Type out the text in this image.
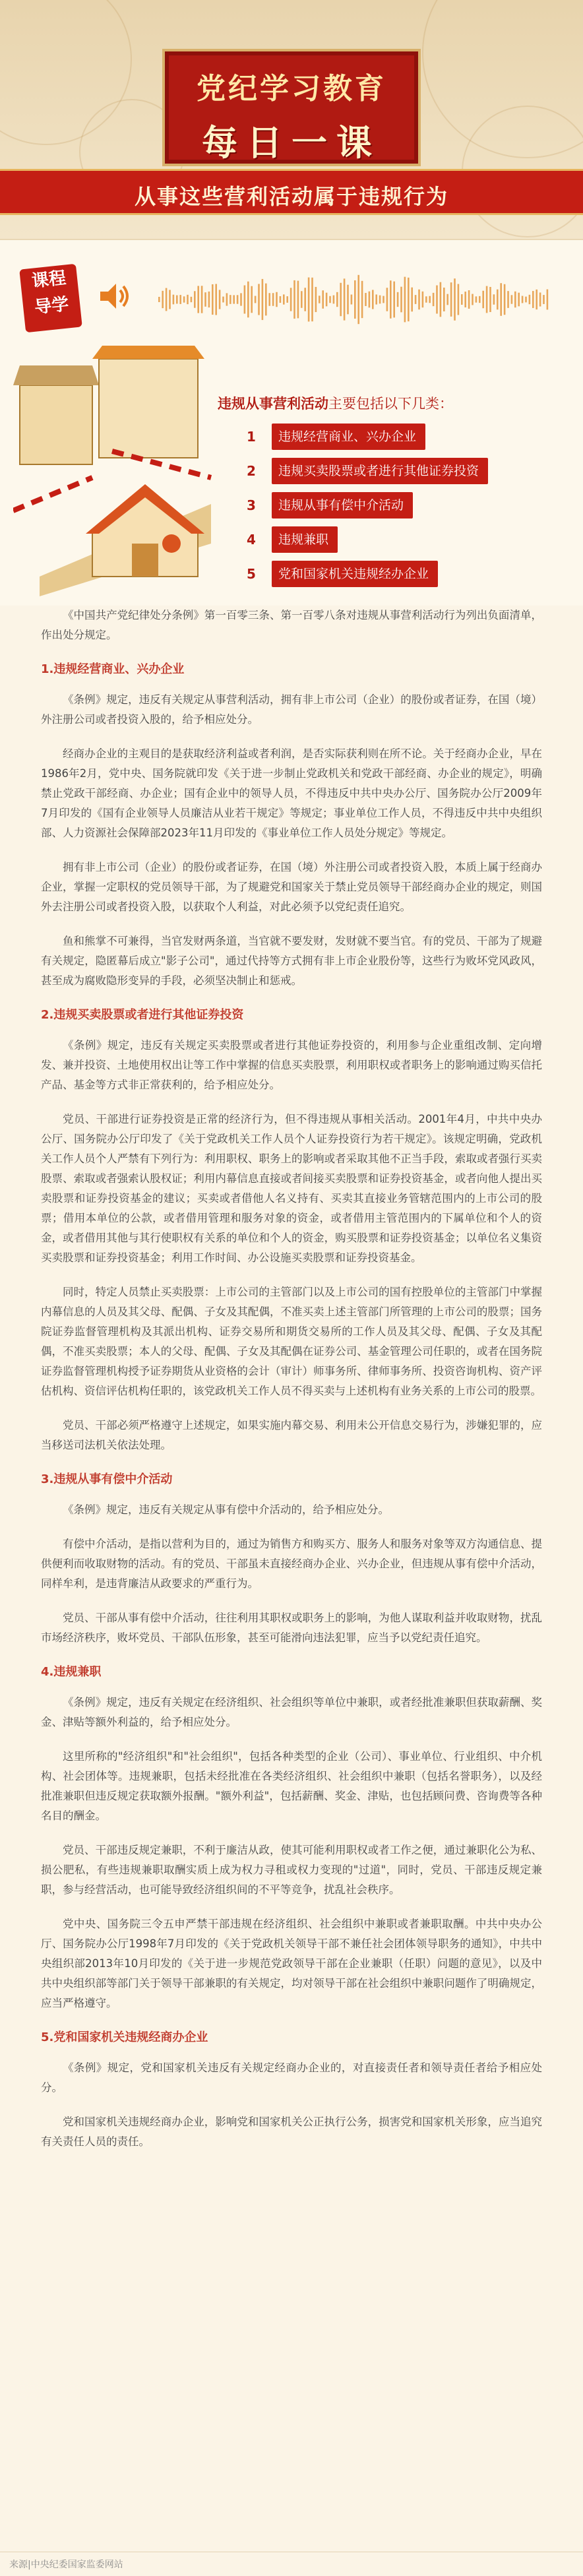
党纪学习教育
每日一课
从事这些营利活动属于违规行为
课程
导学
违规从事营利活动主要包括以下几类：
1	违规经营商业、兴办企业
2	违规买卖股票或者进行其他证券投资
3	违规从事有偿中介活动
4	违规兼职
5	党和国家机关违规经办企业

《中国共产党纪律处分条例》第一百零三条、第一百零八条对违规从事营利活动行为列出负面清单，作出处分规定。

1.违规经营商业、兴办企业

《条例》规定，违反有关规定从事营利活动，拥有非上市公司（企业）的股份或者证券，在国（境）外注册公司或者投资入股的，给予相应处分。

经商办企业的主观目的是获取经济利益或者利润，是否实际获利则在所不论。关于经商办企业，早在1986年2月，党中央、国务院就印发《关于进一步制止党政机关和党政干部经商、办企业的规定》，明确禁止党政干部经商、办企业；国有企业中的领导人员，不得违反中共中央办公厅、国务院办公厅2009年7月印发的《国有企业领导人员廉洁从业若干规定》等规定；事业单位工作人员，不得违反中共中央组织部、人力资源社会保障部2023年11月印发的《事业单位工作人员处分规定》等规定。

拥有非上市公司（企业）的股份或者证券，在国（境）外注册公司或者投资入股，本质上属于经商办企业，掌握一定职权的党员领导干部，为了规避党和国家关于禁止党员领导干部经商办企业的规定，则国外去注册公司或者投资入股，以获取个人利益，对此必须予以党纪责任追究。

鱼和熊掌不可兼得，当官发财两条道，当官就不要发财，发财就不要当官。有的党员、干部为了规避有关规定，隐匿幕后成立"影子公司"，通过代持等方式拥有非上市企业股份等，这些行为败坏党风政风，甚至成为腐败隐形变异的手段，必须坚决制止和惩戒。

2.违规买卖股票或者进行其他证券投资

《条例》规定，违反有关规定买卖股票或者进行其他证券投资的，利用参与企业重组改制、定向增发、兼并投资、土地使用权出让等工作中掌握的信息买卖股票，利用职权或者职务上的影响通过购买信托产品、基金等方式非正常获利的，给予相应处分。

党员、干部进行证券投资是正常的经济行为，但不得违规从事相关活动。2001年4月，中共中央办公厅、国务院办公厅印发了《关于党政机关工作人员个人证券投资行为若干规定》。该规定明确，党政机关工作人员个人严禁有下列行为：利用职权、职务上的影响或者采取其他不正当手段，索取或者强行买卖股票、索取或者强索认股权证；利用内幕信息直接或者间接买卖股票和证券投资基金，或者向他人提出买卖股票和证券投资基金的建议；买卖或者借他人名义持有、买卖其直接业务管辖范围内的上市公司的股票；借用本单位的公款，或者借用管理和服务对象的资金，或者借用主管范围内的下属单位和个人的资金，或者借用其他与其行使职权有关系的单位和个人的资金，购买股票和证券投资基金；以单位名义集资买卖股票和证券投资基金；利用工作时间、办公设施买卖股票和证券投资基金。

同时，特定人员禁止买卖股票：上市公司的主管部门以及上市公司的国有控股单位的主管部门中掌握内幕信息的人员及其父母、配偶、子女及其配偶，不准买卖上述主管部门所管理的上市公司的股票；国务院证券监督管理机构及其派出机构、证券交易所和期货交易所的工作人员及其父母、配偶、子女及其配偶，不准买卖股票；本人的父母、配偶、子女及其配偶在证券公司、基金管理公司任职的，或者在国务院证券监督管理机构授予证券期货从业资格的会计（审计）师事务所、律师事务所、投资咨询机构、资产评估机构、资信评估机构任职的，该党政机关工作人员不得买卖与上述机构有业务关系的上市公司的股票。

党员、干部必须严格遵守上述规定，如果实施内幕交易、利用未公开信息交易行为，涉嫌犯罪的，应当移送司法机关依法处理。

3.违规从事有偿中介活动

《条例》规定，违反有关规定从事有偿中介活动的，给予相应处分。

有偿中介活动，是指以营利为目的，通过为销售方和购买方、服务人和服务对象等双方沟通信息、提供便利而收取财物的活动。有的党员、干部虽未直接经商办企业、兴办企业，但违规从事有偿中介活动，同样牟利，是违背廉洁从政要求的严重行为。

党员、干部从事有偿中介活动，往往利用其职权或职务上的影响，为他人谋取利益并收取财物，扰乱市场经济秩序，败坏党员、干部队伍形象，甚至可能滑向违法犯罪，应当予以党纪责任追究。

4.违规兼职

《条例》规定，违反有关规定在经济组织、社会组织等单位中兼职，或者经批准兼职但获取薪酬、奖金、津贴等额外利益的，给予相应处分。

这里所称的"经济组织"和"社会组织"，包括各种类型的企业（公司）、事业单位、行业组织、中介机构、社会团体等。违规兼职，包括未经批准在各类经济组织、社会组织中兼职（包括名誉职务），以及经批准兼职但违反规定获取额外报酬。"额外利益"，包括薪酬、奖金、津贴，也包括顾问费、咨询费等各种名目的酬金。

党员、干部违反规定兼职，不利于廉洁从政，使其可能利用职权或者工作之便，通过兼职化公为私、损公肥私，有些违规兼职取酬实质上成为权力寻租或权力变现的"过道"，同时，党员、干部违反规定兼职，参与经营活动，也可能导致经济组织间的不平等竞争，扰乱社会秩序。

党中央、国务院三令五申严禁干部违规在经济组织、社会组织中兼职或者兼职取酬。中共中央办公厅、国务院办公厅1998年7月印发的《关于党政机关领导干部不兼任社会团体领导职务的通知》，中共中央组织部2013年10月印发的《关于进一步规范党政领导干部在企业兼职（任职）问题的意见》，以及中共中央组织部等部门关于领导干部兼职的有关规定，均对领导干部在社会组织中兼职问题作了明确规定，应当严格遵守。

5.党和国家机关违规经商办企业

《条例》规定，党和国家机关违反有关规定经商办企业的，对直接责任者和领导责任者给予相应处分。

党和国家机关违规经商办企业，影响党和国家机关公正执行公务，损害党和国家机关形象，应当追究有关责任人员的责任。

来源|中央纪委国家监委网站
